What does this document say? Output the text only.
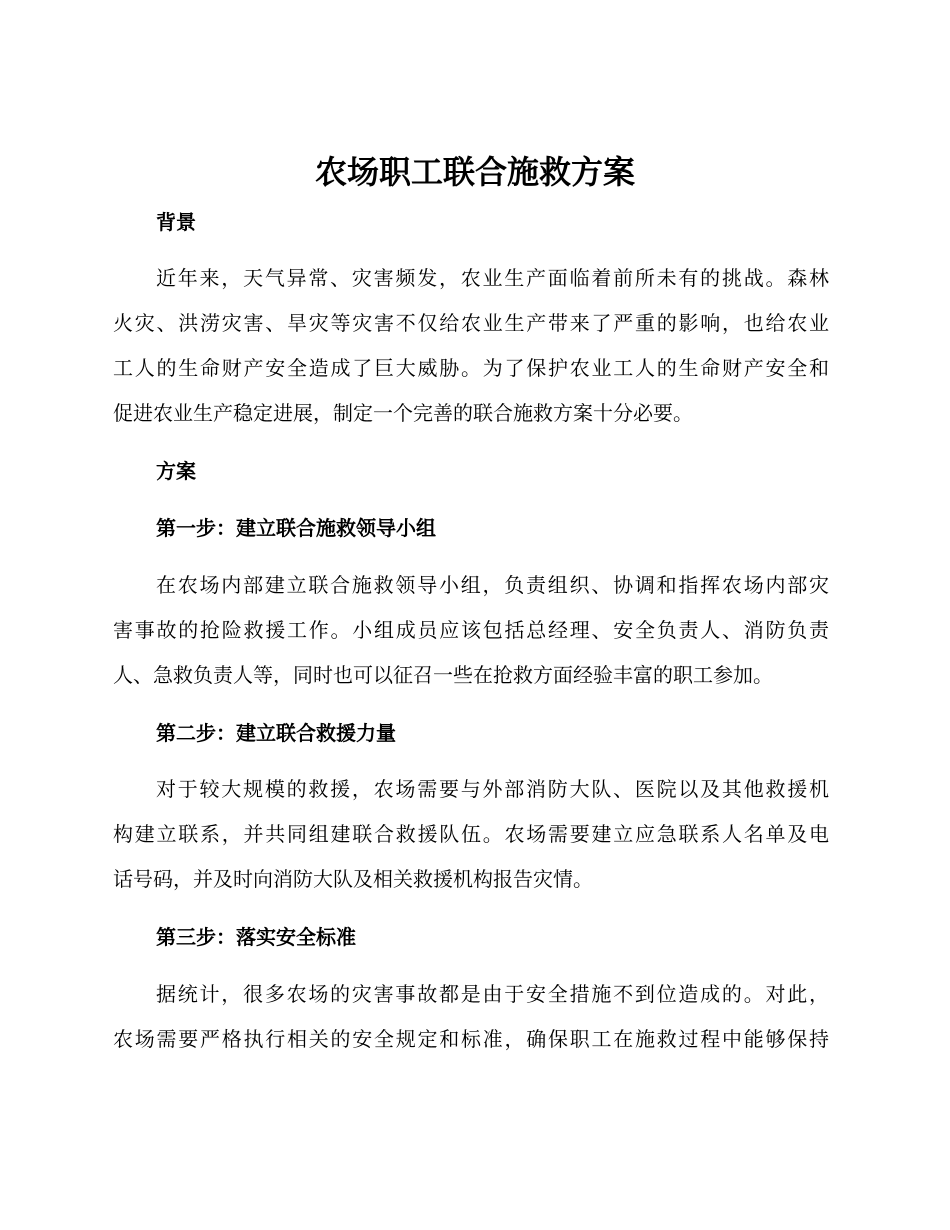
农场职工联合施救方案
背景
近年来，天气异常、灾害频发，农业生产面临着前所未有的挑战。森林
火灾、洪涝灾害、旱灾等灾害不仅给农业生产带来了严重的影响，也给农业
工人的生命财产安全造成了巨大威胁。为了保护农业工人的生命财产安全和
促进农业生产稳定进展，制定一个完善的联合施救方案十分必要。
方案
第一步：建立联合施救领导小组
在农场内部建立联合施救领导小组，负责组织、协调和指挥农场内部灾
害事故的抢险救援工作。小组成员应该包括总经理、安全负责人、消防负责
人、急救负责人等，同时也可以征召一些在抢救方面经验丰富的职工参加。
第二步：建立联合救援力量
对于较大规模的救援，农场需要与外部消防大队、医院以及其他救援机
构建立联系，并共同组建联合救援队伍。农场需要建立应急联系人名单及电
话号码，并及时向消防大队及相关救援机构报告灾情。
第三步：落实安全标准
据统计，很多农场的灾害事故都是由于安全措施不到位造成的。对此，
农场需要严格执行相关的安全规定和标准，确保职工在施救过程中能够保持
